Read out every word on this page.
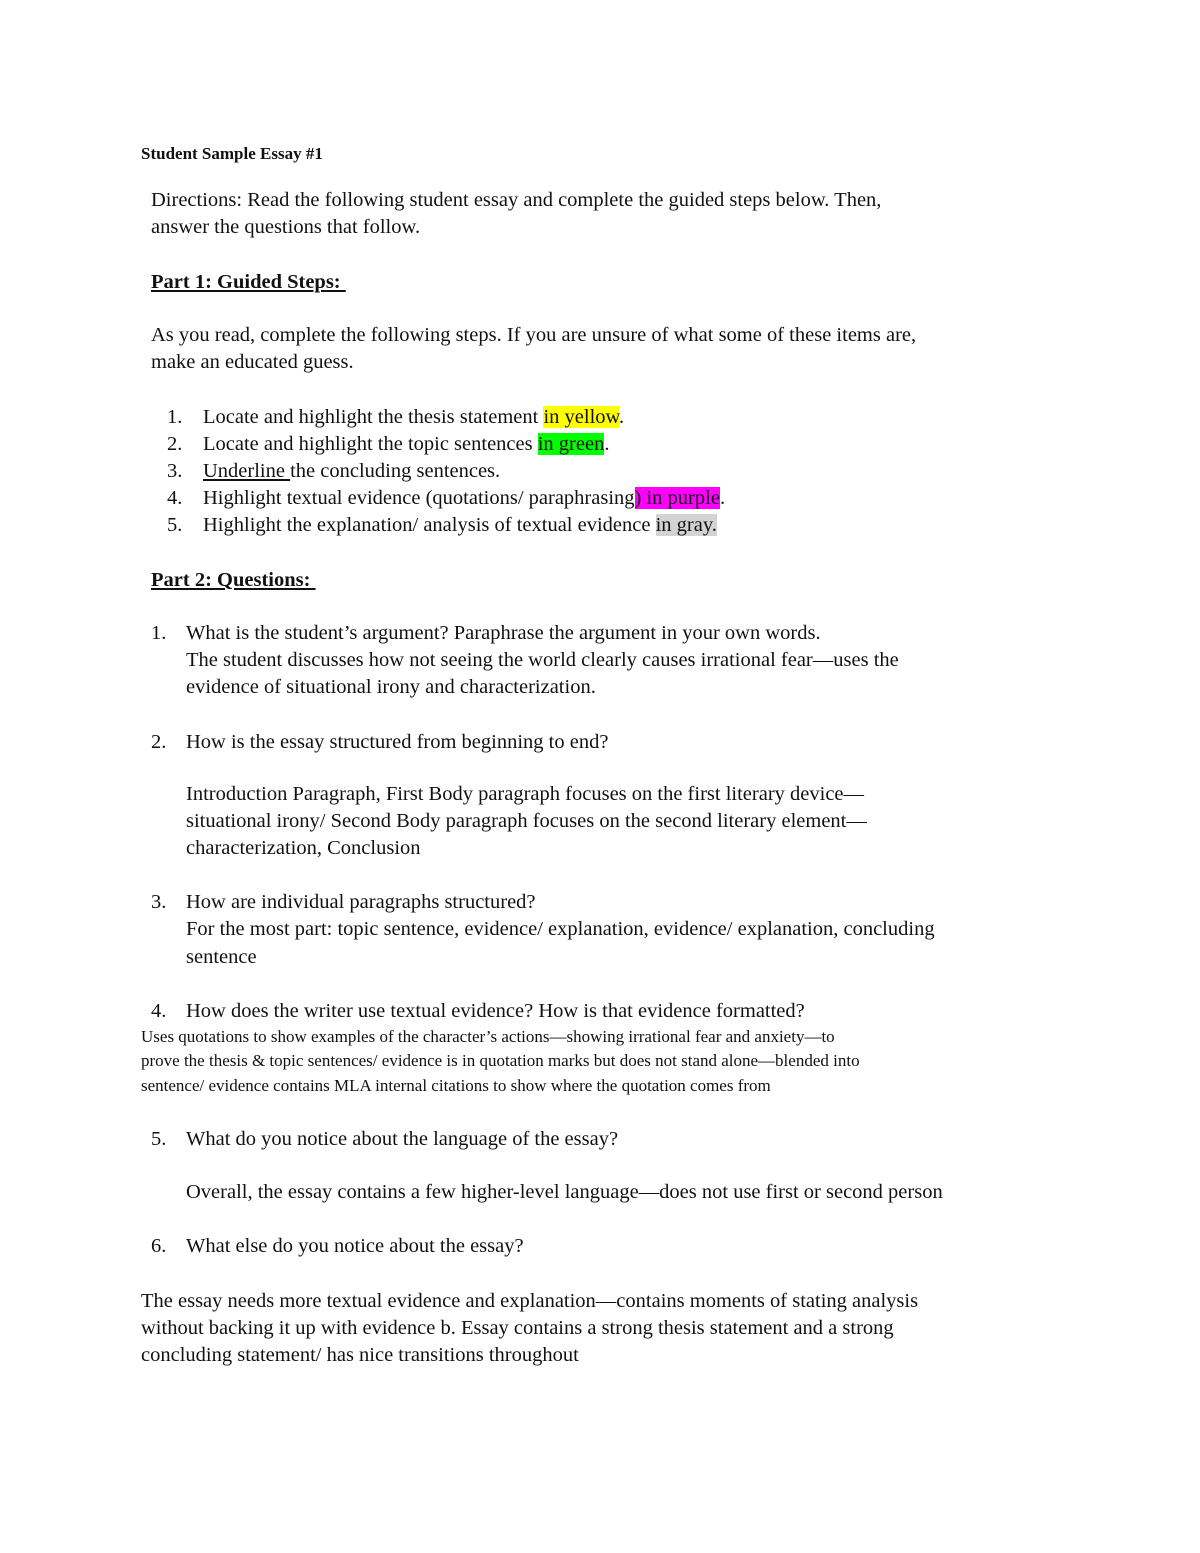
Student Sample Essay #1
Directions: Read the following student essay and complete the guided steps below. Then,
answer the questions that follow.
Part 1: Guided Steps:
As you read, complete the following steps. If you are unsure of what some of these items are,
make an educated guess.
1. Locate and highlight the thesis statement in yellow.
2. Locate and highlight the topic sentences in green.
3. Underline the concluding sentences.
4. Highlight textual evidence (quotations/ paraphrasing) in purple.
5. Highlight the explanation/ analysis of textual evidence in gray.
Part 2: Questions:
1. What is the student’s argument? Paraphrase the argument in your own words.
The student discusses how not seeing the world clearly causes irrational fear—uses the
evidence of situational irony and characterization.
2. How is the essay structured from beginning to end?
Introduction Paragraph, First Body paragraph focuses on the first literary device—
situational irony/ Second Body paragraph focuses on the second literary element—
characterization, Conclusion
3. How are individual paragraphs structured?
For the most part: topic sentence, evidence/ explanation, evidence/ explanation, concluding
sentence
4. How does the writer use textual evidence? How is that evidence formatted?
Uses quotations to show examples of the character’s actions—showing irrational fear and anxiety—to
prove the thesis & topic sentences/ evidence is in quotation marks but does not stand alone—blended into
sentence/ evidence contains MLA internal citations to show where the quotation comes from
5. What do you notice about the language of the essay?
Overall, the essay contains a few higher-level language—does not use first or second person
6. What else do you notice about the essay?
The essay needs more textual evidence and explanation—contains moments of stating analysis
without backing it up with evidence b. Essay contains a strong thesis statement and a strong
concluding statement/ has nice transitions throughout
